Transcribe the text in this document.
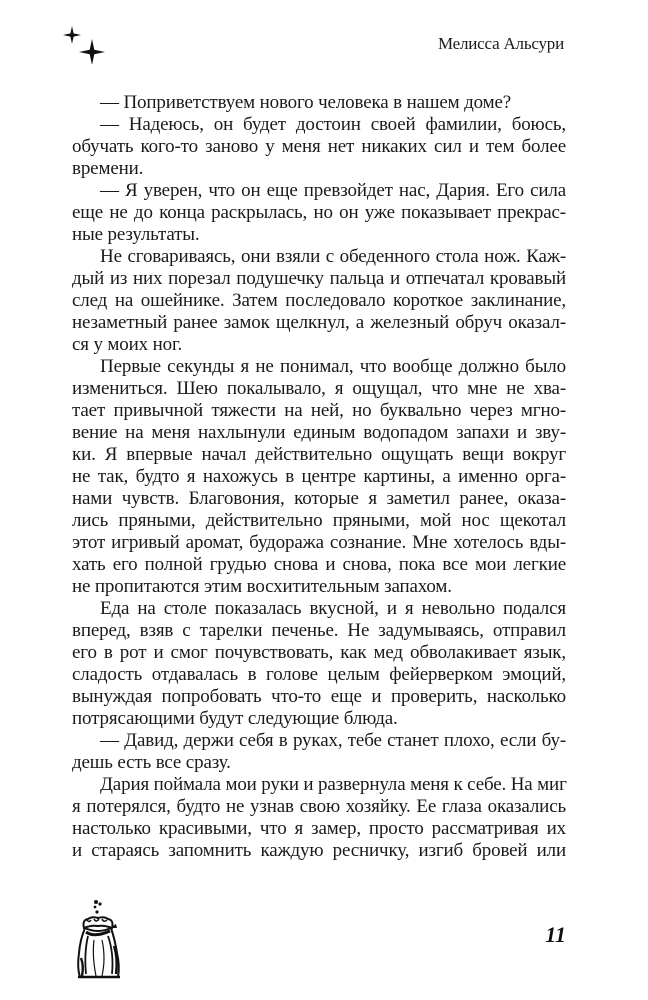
Мелисса Альсури
— Поприветствуем нового человека в нашем доме?
— Надеюсь, он будет достоин своей фамилии, боюсь,
обучать кого-то заново у меня нет никаких сил и тем более
времени.
— Я уверен, что он еще превзойдет нас, Дария. Его сила
еще не до конца раскрылась, но он уже показывает прекрас-
ные результаты.
Не сговариваясь, они взяли с обеденного стола нож. Каж-
дый из них порезал подушечку пальца и отпечатал кровавый
след на ошейнике. Затем последовало короткое заклинание,
незаметный ранее замок щелкнул, а железный обруч оказал-
ся у моих ног.
Первые секунды я не понимал, что вообще должно было
измениться. Шею покалывало, я ощущал, что мне не хва-
тает привычной тяжести на ней, но буквально через мгно-
вение на меня нахлынули единым водопадом запахи и зву-
ки. Я впервые начал действительно ощущать вещи вокруг
не так, будто я нахожусь в центре картины, а именно орга-
нами чувств. Благовония, которые я заметил ранее, оказа-
лись пряными, действительно пряными, мой нос щекотал
этот игривый аромат, будоража сознание. Мне хотелось вды-
хать его полной грудью снова и снова, пока все мои легкие
не пропитаются этим восхитительным запахом.
Еда на столе показалась вкусной, и я невольно подался
вперед, взяв с тарелки печенье. Не задумываясь, отправил
его в рот и смог почувствовать, как мед обволакивает язык,
сладость отдавалась в голове целым фейерверком эмоций,
вынуждая попробовать что-то еще и проверить, насколько
потрясающими будут следующие блюда.
— Давид, держи себя в руках, тебе станет плохо, если бу-
дешь есть все сразу.
Дария поймала мои руки и развернула меня к себе. На миг
я потерялся, будто не узнав свою хозяйку. Ее глаза оказались
настолько красивыми, что я замер, просто рассматривая их
и стараясь запомнить каждую ресничку, изгиб бровей или
11
